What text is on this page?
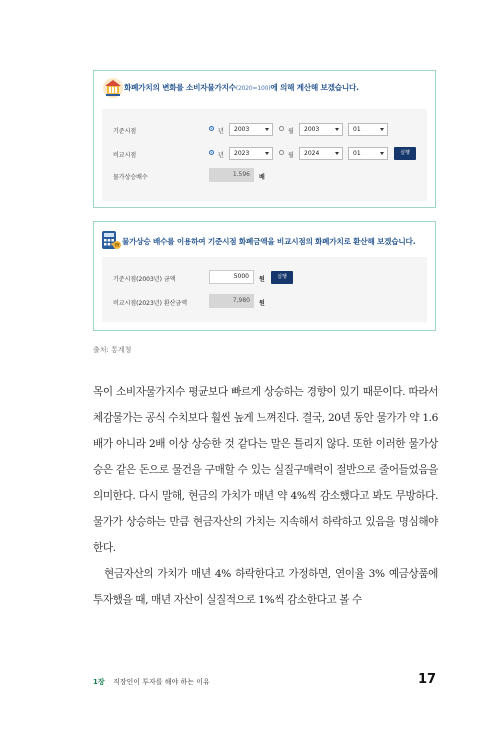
화폐가치의 변화를 소비자물가지수(2020=100)에 의해 계산해 보겠습니다.
기준시점	년	2003	월	2003	01
비교시점	년	2023	월	2024	01	실행
물가상승배수	1.596	배
₩ 물가상승 배수를 이용하여 기준시점 화폐금액을 비교시점의 화폐가치로 환산해 보겠습니다.
기준시점(2003년) 금액	5000	원	실행
비교시점(2023년) 환산금액	7,980	원
출처: 통계청

목이 소비자물가지수 평균보다 빠르게 상승하는 경향이 있기 때문이다. 따라서 체감물가는 공식 수치보다 훨씬 높게 느껴진다. 결국, 20년 동안 물가가 약 1.6배가 아니라 2배 이상 상승한 것 같다는 말은 틀리지 않다. 또한 이러한 물가상승은 같은 돈으로 물건을 구매할 수 있는 실질구매력이 절반으로 줄어들었음을 의미한다. 다시 말해, 현금의 가치가 매년 약 4%씩 감소했다고 봐도 무방하다. 물가가 상승하는 만큼 현금자산의 가치는 지속해서 하락하고 있음을 명심해야 한다.

현금자산의 가치가 매년 4% 하락한다고 가정하면, 연이율 3% 예금상품에 투자했을 때, 매년 자산이 실질적으로 1%씩 감소한다고 볼 수

1장 직장인이 투자를 해야 하는 이유	17
